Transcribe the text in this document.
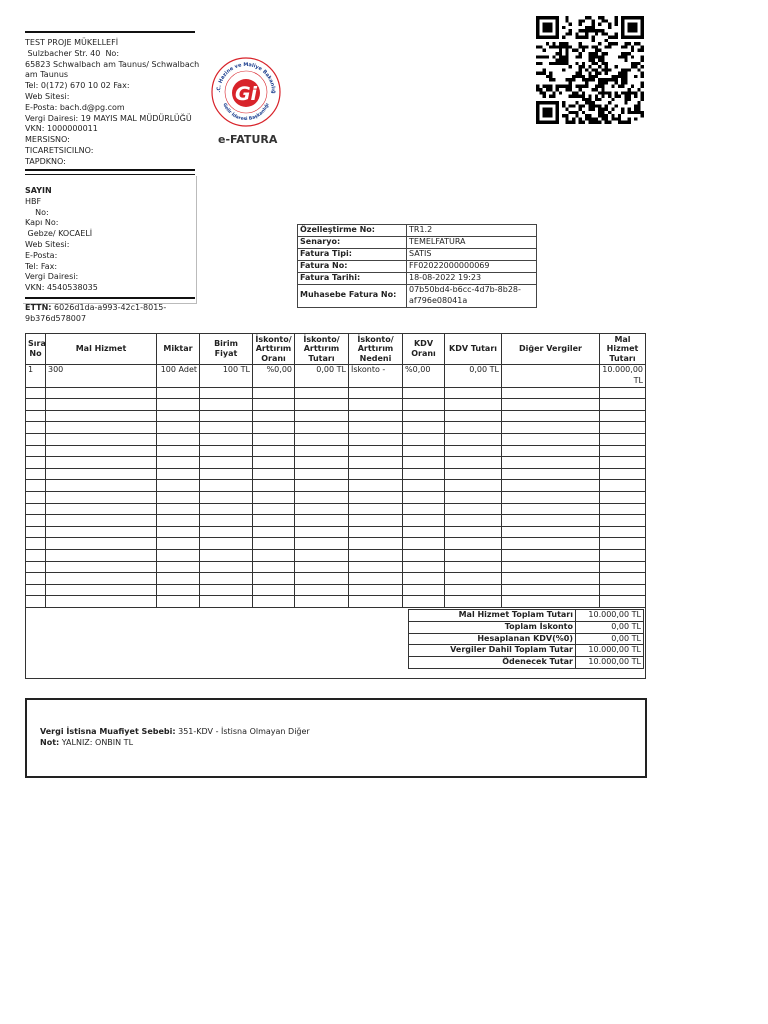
TEST PROJE MÜKELLEFİ
Sulzbacher Str. 40  No:
65823 Schwalbach am Taunus/ Schwalbach am Taunus
Tel: 0(172) 670 10 02 Fax:
Web Sitesi:
E-Posta: bach.d@pg.com
Vergi Dairesi: 19 MAYIS MAL MÜDÜRLÜĞÜ
VKN: 1000000011
MERSISNO:
TICARETSICILNO:
TAPDKNO:
SAYIN
HBF
No:
Kapı No:
Gebze/ KOCAELİ
Web Sitesi:
E-Posta:
Tel: Fax:
Vergi Dairesi:
VKN: 4540538035
ETTN: 6026d1da-a993-42c1-8015-9b376d578007
.C. Hazine ve Maliye Bakanlığ
Gelir İdaresi Başkanlığı
Gi
e-FATURA
Özelleştirme No:	TR1.2
Senaryo:	TEMELFATURA
Fatura Tipi:	SATIS
Fatura No:	FF02022000000069
Fatura Tarihi:	18-08-2022 19:23
Muhasebe Fatura No:	07b50bd4-b6cc-4d7b-8b28-af796e08041a
Sıra No	Mal Hizmet	Miktar	Birim Fiyat	İskonto/ Arttırım Oranı	İskonto/ Arttırım Tutarı	İskonto/ Arttırım Nedeni	KDV Oranı	KDV Tutarı	Diğer Vergiler	Mal Hizmet Tutarı
1	300	100 Adet	100 TL	%0,00	0,00 TL	İskonto -	%0,00	0,00 TL		10.000,00 TL

Mal Hizmet Toplam Tutarı	10.000,00 TL
Toplam İskonto	0,00 TL
Hesaplanan KDV(%0)	0,00 TL
Vergiler Dahil Toplam Tutar	10.000,00 TL
Ödenecek Tutar	10.000,00 TL
Vergi İstisna Muafiyet Sebebi: 351-KDV - İstisna Olmayan Diğer
Not: YALNIZ: ONBIN TL
